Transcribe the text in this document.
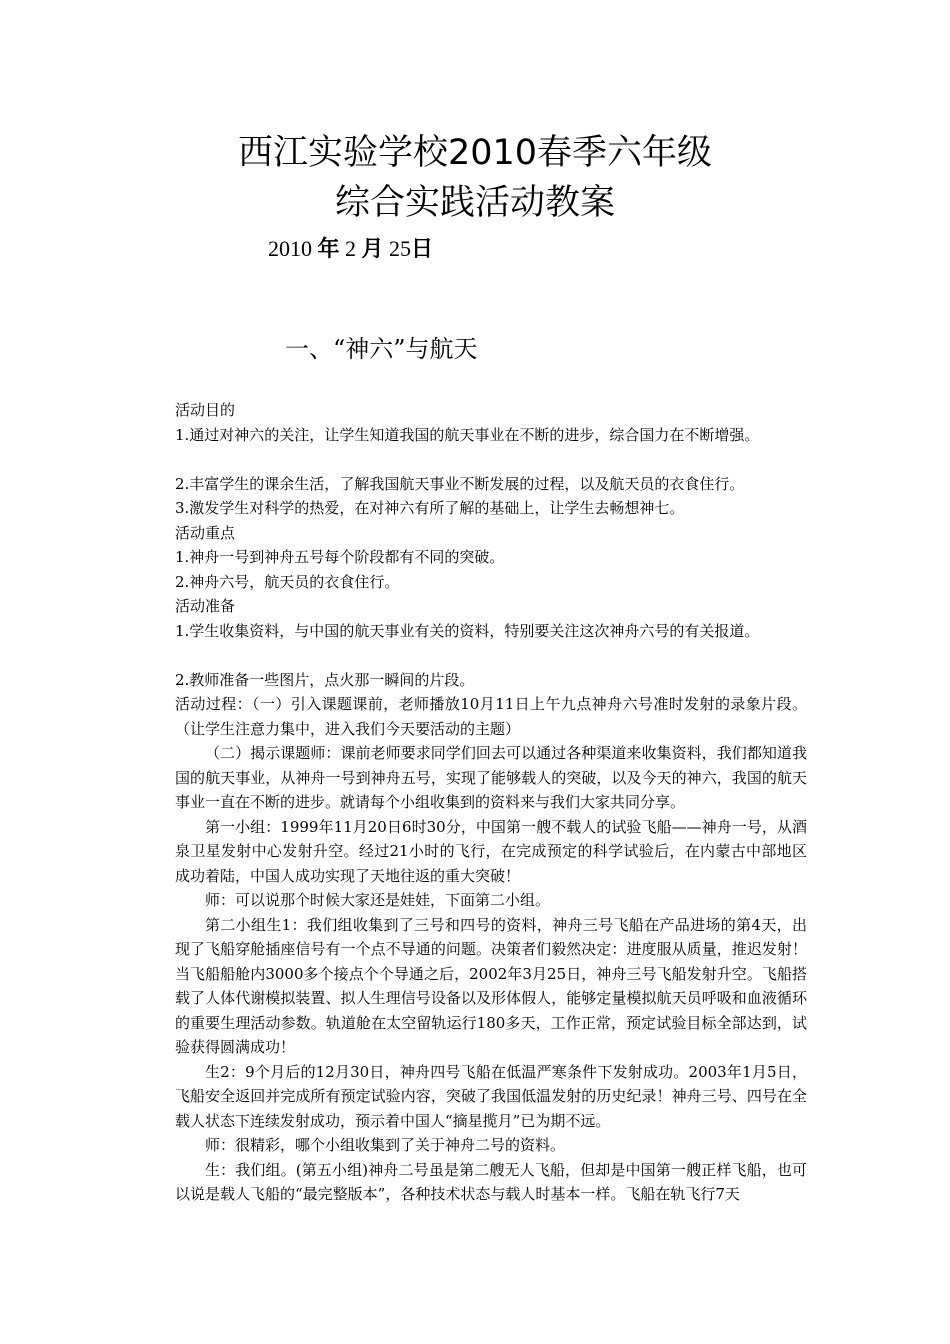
西江实验学校2010春季六年级
综合实践活动教案
2010 年 2 月 25日
一、“神六”与航天

活动目的

1.通过对神六的关注，让学生知道我国的航天事业在不断的进步，综合国力在不断增强。

2.丰富学生的课余生活，了解我国航天事业不断发展的过程，以及航天员的衣食住行。

3.激发学生对科学的热爱，在对神六有所了解的基础上，让学生去畅想神七。

活动重点

1.神舟一号到神舟五号每个阶段都有不同的突破。

2.神舟六号，航天员的衣食住行。

活动准备

1.学生收集资料，与中国的航天事业有关的资料，特别要关注这次神舟六号的有关报道。

2.教师准备一些图片，点火那一瞬间的片段。

活动过程：（一）引入课题课前，老师播放10月11日上午九点神舟六号准时发射的录象片段。（让学生注意力集中，进入我们今天要活动的主题）

（二）揭示课题师：课前老师要求同学们回去可以通过各种渠道来收集资料，我们都知道我国的航天事业，从神舟一号到神舟五号，实现了能够载人的突破，以及今天的神六，我国的航天事业一直在不断的进步。就请每个小组收集到的资料来与我们大家共同分享。

第一小组：1999年11月20日6时30分，中国第一艘不载人的试验飞船——神舟一号，从酒泉卫星发射中心发射升空。经过21小时的飞行，在完成预定的科学试验后，在内蒙古中部地区成功着陆，中国人成功实现了天地往返的重大突破！

师：可以说那个时候大家还是娃娃，下面第二小组。

第二小组生1：我们组收集到了三号和四号的资料，神舟三号飞船在产品进场的第4天，出现了飞船穿舱插座信号有一个点不导通的问题。决策者们毅然决定：进度服从质量，推迟发射！当飞船船舱内3000多个接点个个导通之后，2002年3月25日，神舟三号飞船发射升空。飞船搭载了人体代谢模拟装置、拟人生理信号设备以及形体假人，能够定量模拟航天员呼吸和血液循环的重要生理活动参数。轨道舱在太空留轨运行180多天，工作正常，预定试验目标全部达到，试验获得圆满成功！

生2：9个月后的12月30日，神舟四号飞船在低温严寒条件下发射成功。2003年1月5日，飞船安全返回并完成所有预定试验内容，突破了我国低温发射的历史纪录！神舟三号、四号在全载人状态下连续发射成功，预示着中国人“摘星揽月”已为期不远。

师：很精彩，哪个小组收集到了关于神舟二号的资料。

生：我们组。(第五小组)神舟二号虽是第二艘无人飞船，但却是中国第一艘正样飞船，也可以说是载人飞船的“最完整版本”，各种技术状态与载人时基本一样。飞船在轨飞行7天
